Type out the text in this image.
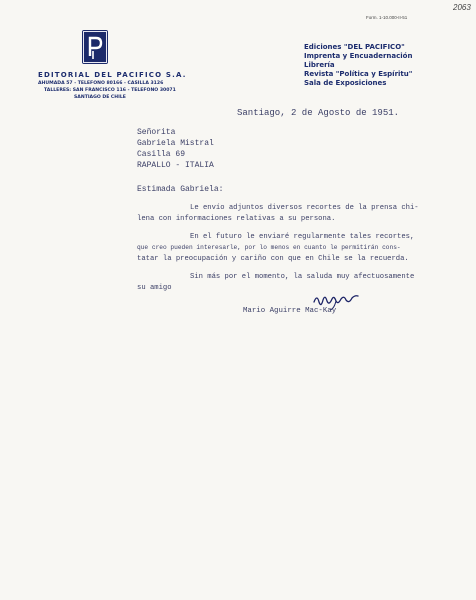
2063
Form. 1-10.000-II-51
EDITORIAL DEL PACIFICO S.A.
AHUMADA 57 - TELEFONO 80166 - CASILLA 3126
TALLERES: SAN FRANCISCO 116 - TELEFONO 30071
SANTIAGO DE CHILE
Ediciones "DEL PACIFICO"
Imprenta y Encuadernación
Librería
Revista "Política y Espíritu"
Sala de Exposiciones
Santiago, 2 de Agosto de 1951.
Señorita
Gabriela Mistral
Casilla 69
RAPALLO - ITALIA
Estimada Gabriela:
Le envío adjuntos diversos recortes de la prensa chi-
lena con informaciones relativas a su persona.
En el futuro le enviaré regularmente tales recortes,
que creo pueden interesarle, por lo menos en cuanto le permitirán cons-
tatar la preocupación y cariño con que en Chile se la recuerda.
Sin más por el momento, la saluda muy afectuosamente
su amigo
Mario Aguirre Mac-Kay
